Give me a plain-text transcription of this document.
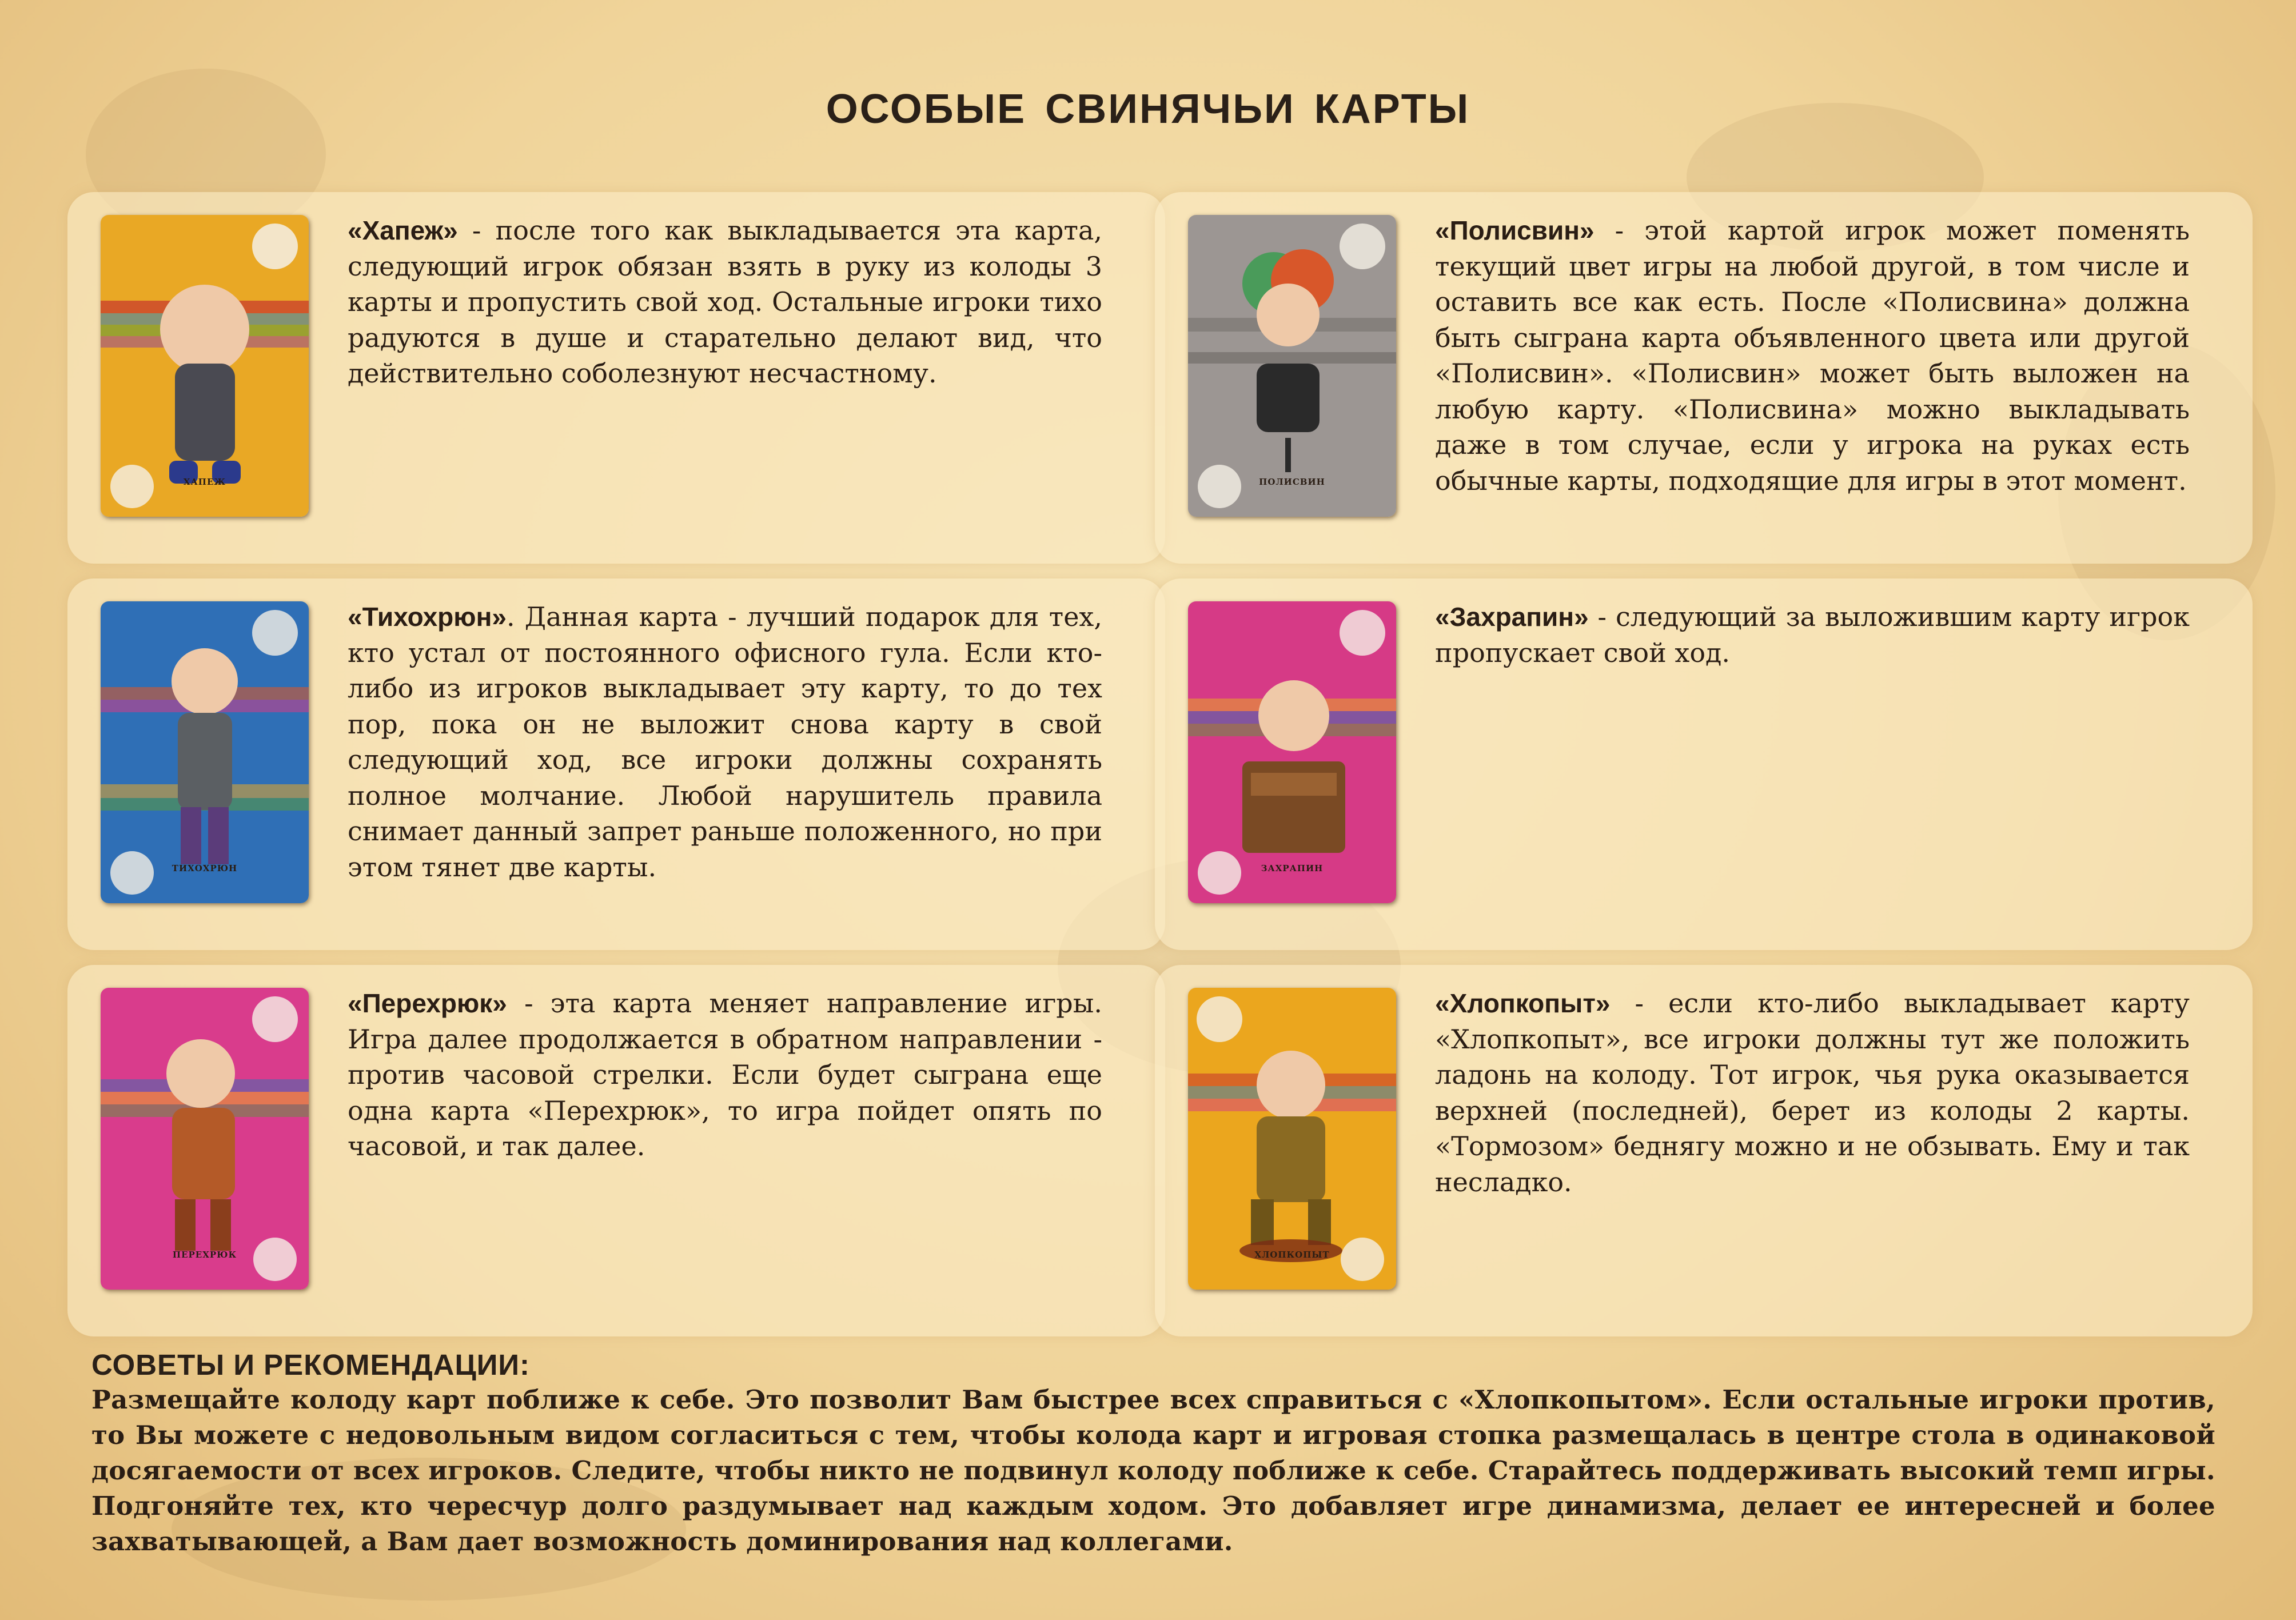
ОСОБЫЕ СВИНЯЧЬИ КАРТЫ
ХАПЕЖ
«Хапеж» - после того как выкладывается эта карта, следующий игрок обязан взять в руку из колоды 3 карты и пропустить свой ход. Остальные игроки тихо радуются в душе и старательно делают вид, что действительно соболезнуют несчастному.
ПОЛИСВИН
«Полисвин» - этой картой игрок может поменять текущий цвет игры на любой другой, в том числе и оставить все как есть. После «Полисвина» должна быть сыграна карта объявленного цвета или другой «Полисвин». «Полисвин» может быть выложен на любую карту. «Полисвина» можно выкладывать даже в том случае, если у игрока на руках есть обычные карты, подходящие для игры в этот момент.
ТИХОХРЮН
«Тихохрюн». Данная карта - лучший подарок для тех, кто устал от постоянного офисного гула. Если кто-либо из игроков выкладывает эту карту, то до тех пор, пока он не выложит снова карту в свой следующий ход, все игроки должны сохранять полное молчание. Любой нарушитель правила снимает данный запрет раньше положенного, но при этом тянет две карты.	ЗАХРАПИН
«Захрапин» - следующий за выложившим карту игрок пропускает свой ход.
ПЕРЕХРЮК
«Перехрюк» - эта карта меняет направление игры. Игра далее продолжается в обратном направлении - против часовой стрелки. Если будет сыграна еще одна карта «Перехрюк», то игра пойдет опять по часовой, и так далее.
ХЛОПКОПЫТ
«Хлопкопыт» - если кто-либо выкладывает карту «Хлопкопыт», все игроки должны тут же положить ладонь на колоду. Тот игрок, чья рука оказывается верхней (последней), берет из колоды 2 карты. «Тормозом» беднягу можно и не обзывать. Ему и так несладко.
СОВЕТЫ И РЕКОМЕНДАЦИИ:
Размещайте колоду карт поближе к себе. Это позволит Вам быстрее всех справиться с «Хлопкопытом». Если остальные игроки против, то Вы можете с недовольным видом согласиться с тем, чтобы колода карт и игровая стопка размещалась в центре стола в одинаковой досягаемости от всех игроков. Следите, чтобы никто не подвинул колоду поближе к себе. Старайтесь поддерживать высокий темп игры. Подгоняйте тех, кто чересчур долго раздумывает над каждым ходом. Это добавляет игре динамизма, делает ее интересней и более захватывающей, а Вам дает возможность доминирования над коллегами.
